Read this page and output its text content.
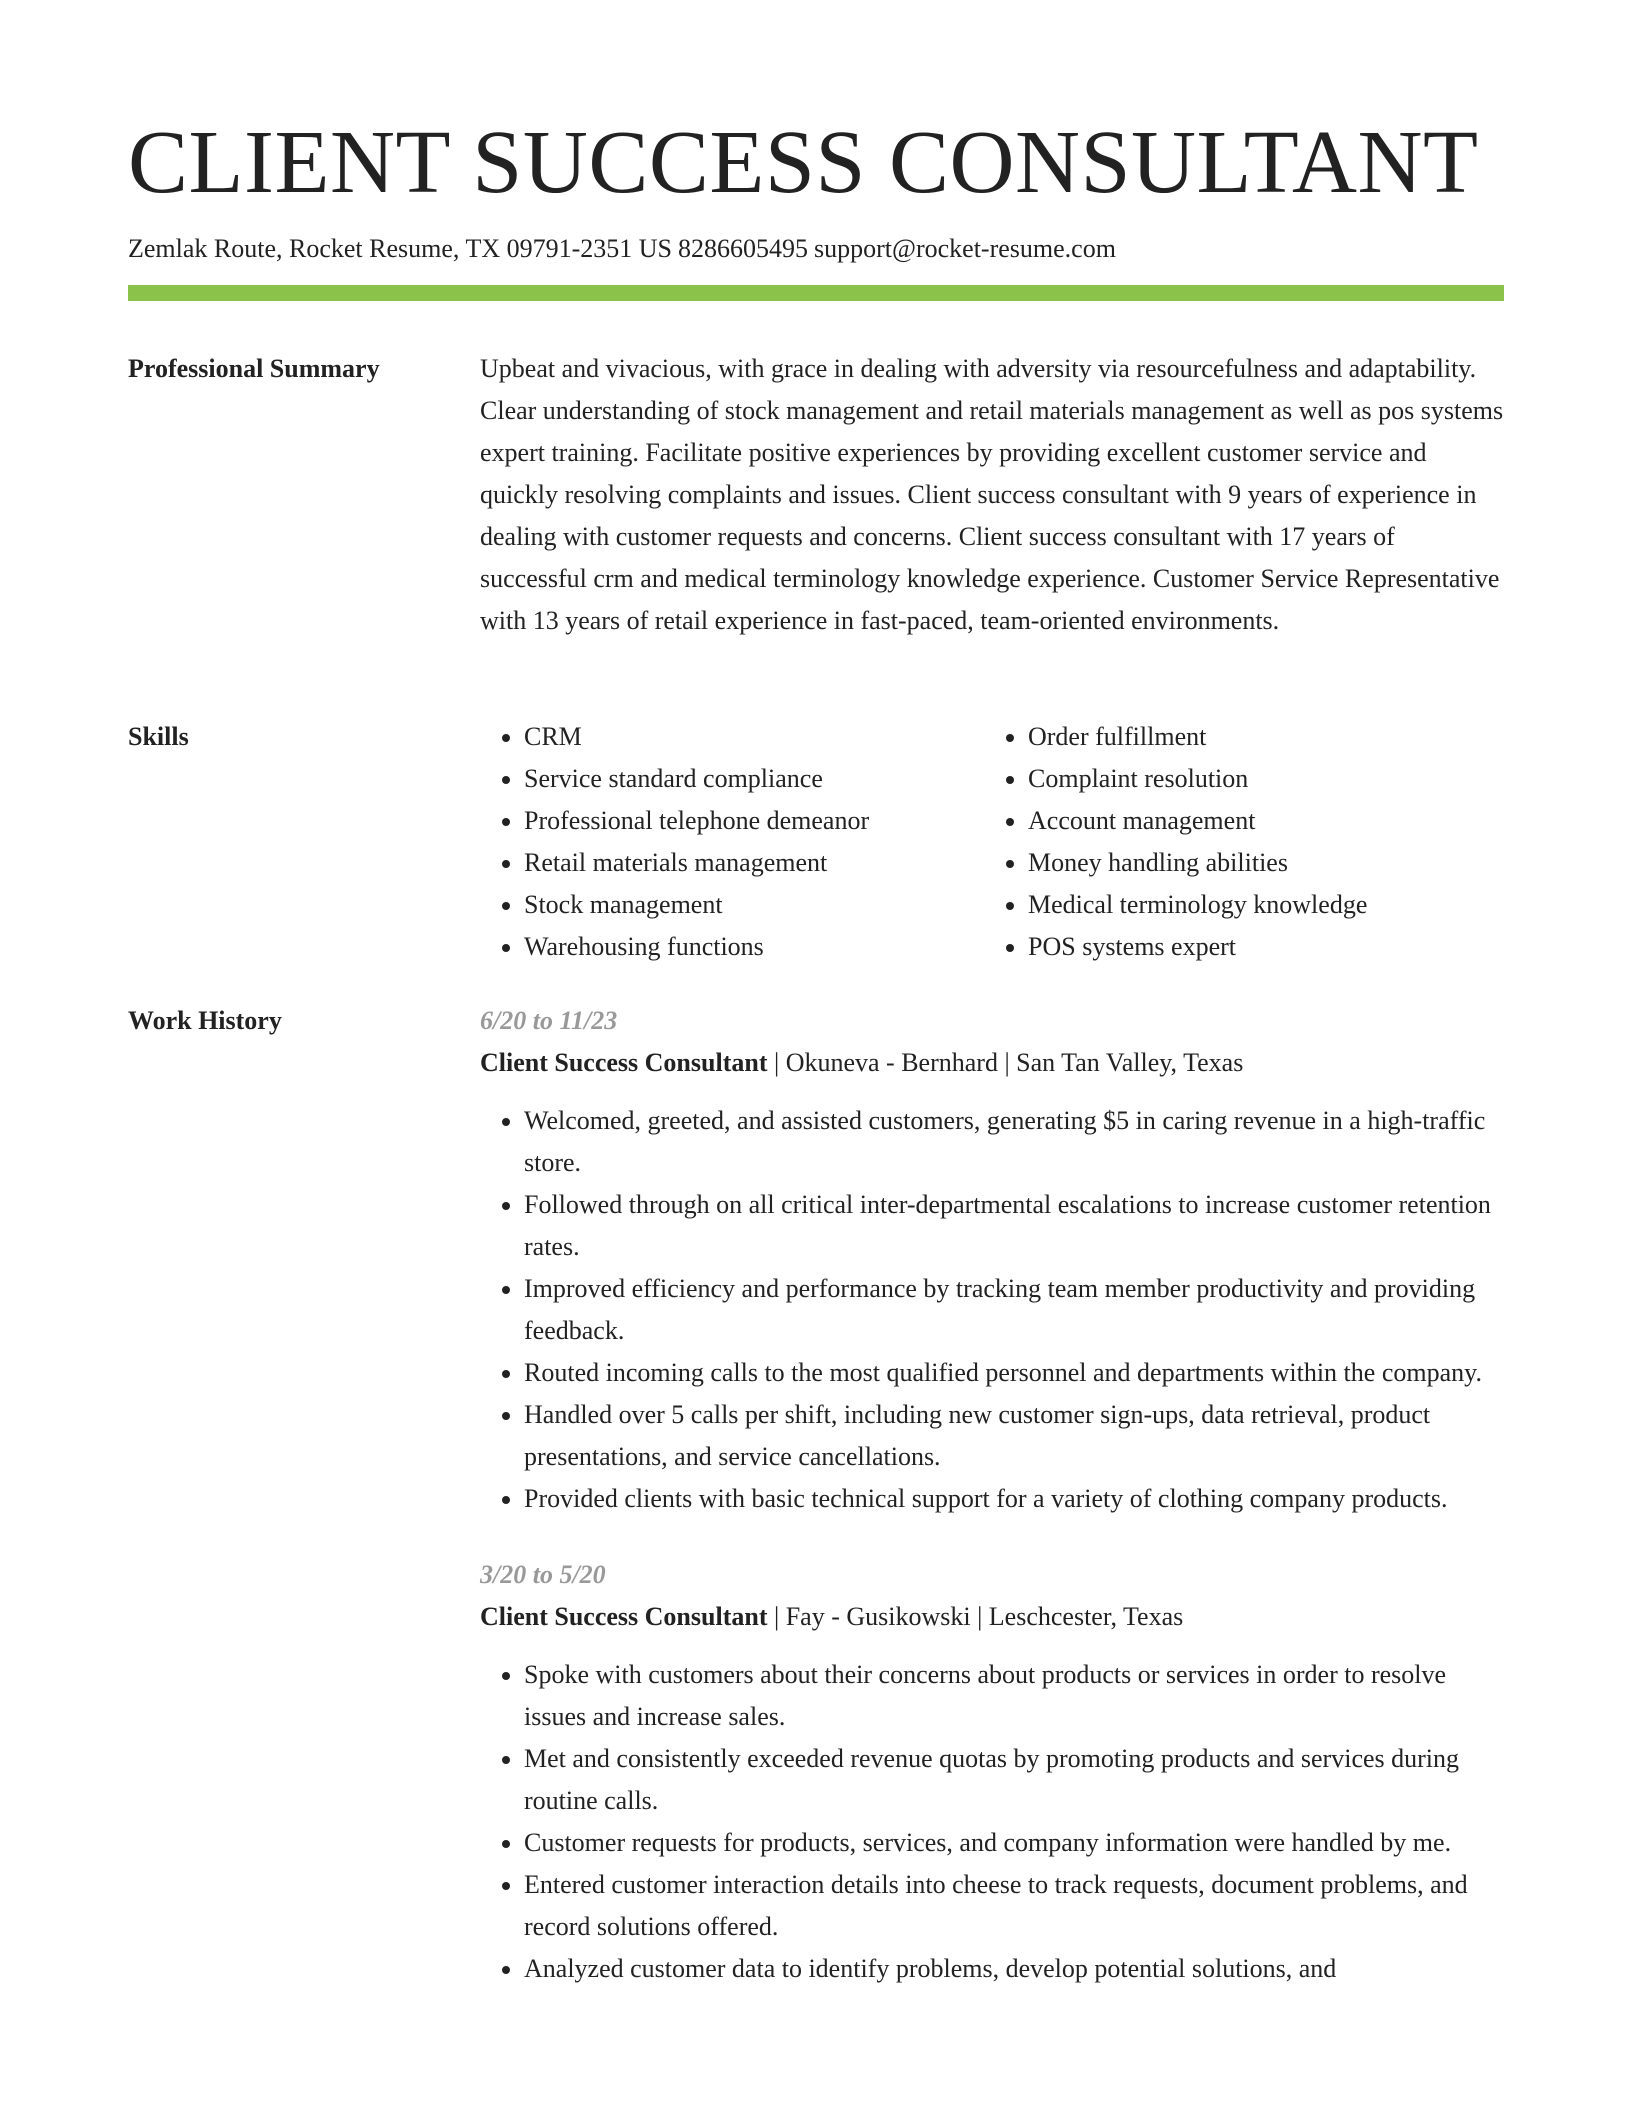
CLIENT SUCCESS CONSULTANT
Zemlak Route, Rocket Resume, TX 09791-2351 US 8286605495 support@rocket-resume.com
Professional Summary	Upbeat and vivacious, with grace in dealing with adversity via resourcefulness and adaptability. Clear understanding of stock management and retail materials management as well as pos systems expert training. Facilitate positive experiences by providing excellent customer service and quickly resolving complaints and issues. Client success consultant with 9 years of experience in dealing with customer requests and concerns. Client success consultant with 17 years of successful crm and medical terminology knowledge experience. Customer Service Representative with 13 years of retail experience in fast-paced, team-oriented environments.

Skills
•	CRM
• Service standard compliance
• Professional telephone demeanor
• Retail materials management
• Stock management
• Warehousing functions
• Order fulfillment
• Complaint resolution
• Account management
• Money handling abilities
• Medical terminology knowledge
• POS systems expert
Work History	6/20 to 11/23
Client Success Consultant | Okuneva - Bernhard | San Tan Valley, Texas
• Welcomed, greeted, and assisted customers, generating $5 in caring revenue in a high-traffic store.
• Followed through on all critical inter-departmental escalations to increase customer retention rates.
• Improved efficiency and performance by tracking team member productivity and providing feedback.
• Routed incoming calls to the most qualified personnel and departments within the company.
• Handled over 5 calls per shift, including new customer sign-ups, data retrieval, product presentations, and service cancellations.
• Provided clients with basic technical support for a variety of clothing company products.
3/20 to 5/20
Client Success Consultant | Fay - Gusikowski | Leschcester, Texas
• Spoke with customers about their concerns about products or services in order to resolve issues and increase sales.
• Met and consistently exceeded revenue quotas by promoting products and services during routine calls.
• Customer requests for products, services, and company information were handled by me.
• Entered customer interaction details into cheese to track requests, document problems, and record solutions offered.
• Analyzed customer data to identify problems, develop potential solutions, and
